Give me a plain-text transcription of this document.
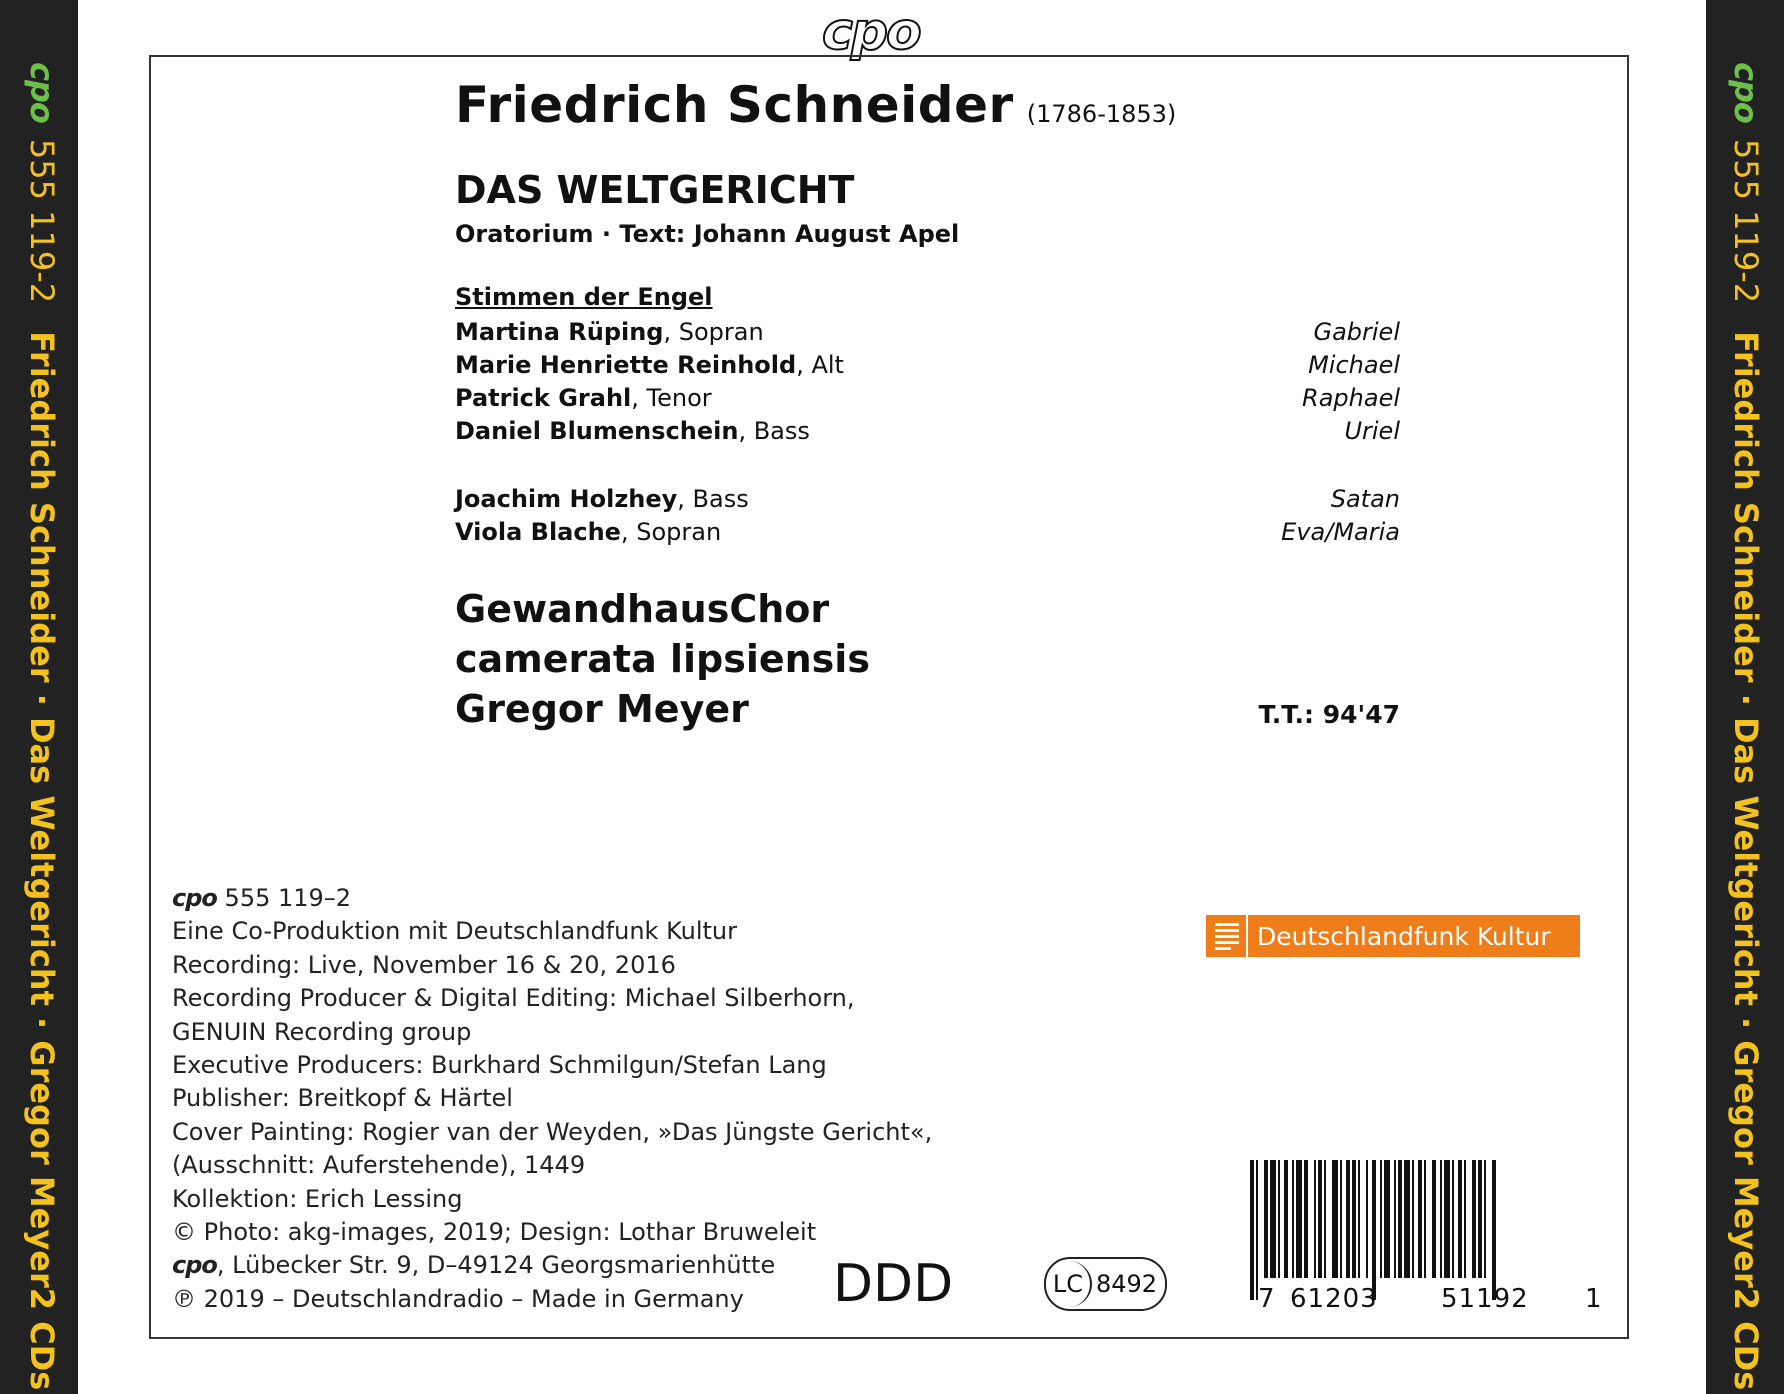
cpo
555 119-2
Friedrich Schneider · Das Weltgericht · Gregor Meyer
2 CDs
cpo
555 119-2
Friedrich Schneider · Das Weltgericht · Gregor Meyer
2 CDs
cpo
Friedrich Schneider (1786-1853)
DAS WELTGERICHT
Oratorium · Text: Johann August Apel
Stimmen der Engel
Martina Rüping, Sopran	Gabriel
Marie Henriette Reinhold, Alt	Michael
Patrick Grahl, Tenor	Raphael
Daniel Blumenschein, Bass	Uriel
Joachim Holzhey, Bass	Satan
Viola Blache, Sopran	Eva/Maria
GewandhausChor
camerata lipsiensis
Gregor Meyer	T.T.: 94'47
cpo 555 119–2
Eine Co-Produktion mit Deutschlandfunk Kultur
Recording: Live, November 16 & 20, 2016
Recording Producer & Digital Editing: Michael Silberhorn,
GENUIN Recording group
Executive Producers: Burkhard Schmilgun/Stefan Lang
Publisher: Breitkopf & Härtel
Cover Painting: Rogier van der Weyden, »Das Jüngste Gericht«,
(Ausschnitt: Auferstehende), 1449
Kollektion: Erich Lessing
© Photo: akg-images, 2019; Design: Lothar Bruweleit
cpo, Lübecker Str. 9, D–49124 Georgsmarienhütte
℗ 2019 – Deutschlandradio – Made in Germany
Deutschlandfunk Kultur
DDD	LC 8492	7 61203 51192 1
